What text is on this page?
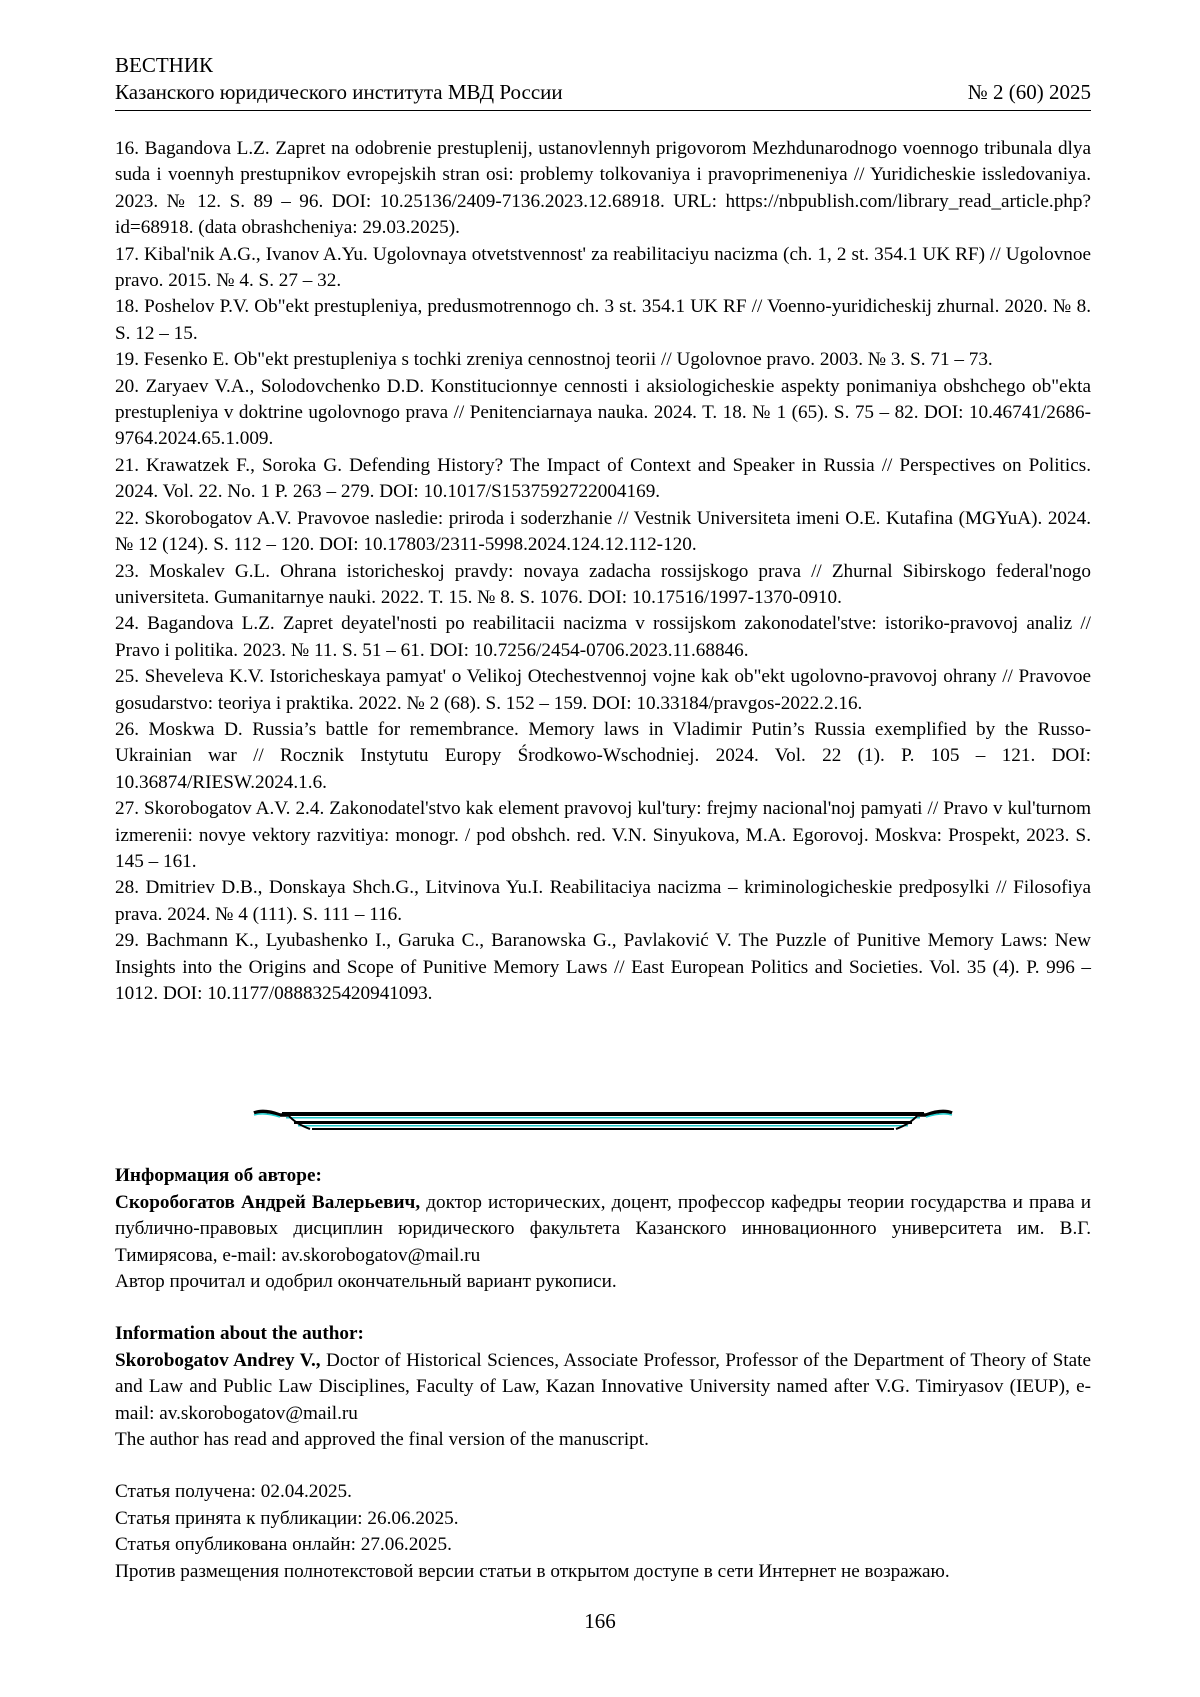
ВЕСТНИК
Казанского юридического института МВД России	№ 2 (60) 2025

16. Bagandova L.Z. Zapret na odobrenie prestuplenij, ustanovlennyh prigovorom Mezhdunarodnogo voennogo tribunala dlya suda i voennyh prestupnikov evropejskih stran osi: problemy tolkovaniya i pravoprimeneniya // Yuridicheskie issledovaniya. 2023. № 12. S. 89 – 96. DOI: 10.25136/2409-7136.2023.12.68918. URL: https://nbpublish.com/library_read_article.php?id=68918. (data obrashcheniya: 29.03.2025).

17. Kibal'nik A.G., Ivanov A.Yu. Ugolovnaya otvetstvennost' za reabilitaciyu nacizma (ch. 1, 2 st. 354.1 UK RF) // Ugolovnoe pravo. 2015. № 4. S. 27 – 32.

18. Poshelov P.V. Ob"ekt prestupleniya, predusmotrennogo ch. 3 st. 354.1 UK RF // Voenno-yuridicheskij zhurnal. 2020. № 8. S. 12 – 15.

19. Fesenko E. Ob"ekt prestupleniya s tochki zreniya cennostnoj teorii // Ugolovnoe pravo. 2003. № 3. S. 71 – 73.

20. Zaryaev V.A., Solodovchenko D.D. Konstitucionnye cennosti i aksiologicheskie aspekty ponimaniya obshchego ob"ekta prestupleniya v doktrine ugolovnogo prava // Penitenciarnaya nauka. 2024. T. 18. № 1 (65). S. 75 – 82. DOI: 10.46741/2686-9764.2024.65.1.009.

21. Krawatzek F., Soroka G. Defending History? The Impact of Context and Speaker in Russia // Perspectives on Politics. 2024. Vol. 22. No. 1 P. 263 – 279. DOI: 10.1017/S1537592722004169.

22. Skorobogatov A.V. Pravovoe nasledie: priroda i soderzhanie // Vestnik Universiteta imeni O.E. Kutafina (MGYuA). 2024. № 12 (124). S. 112 – 120. DOI: 10.17803/2311-5998.2024.124.12.112-120.

23. Moskalev G.L. Ohrana istoricheskoj pravdy: novaya zadacha rossijskogo prava // Zhurnal Sibirskogo federal'nogo universiteta. Gumanitarnye nauki. 2022. T. 15. № 8. S. 1076. DOI: 10.17516/1997-1370-0910.

24. Bagandova L.Z. Zapret deyatel'nosti po reabilitacii nacizma v rossijskom zakonodatel'stve: istoriko-pravovoj analiz // Pravo i politika. 2023. № 11. S. 51 – 61. DOI: 10.7256/2454-0706.2023.11.68846.

25. Sheveleva K.V. Istoricheskaya pamyat' o Velikoj Otechestvennoj vojne kak ob"ekt ugolovno-pravovoj ohrany // Pravovoe gosudarstvo: teoriya i praktika. 2022. № 2 (68). S. 152 – 159. DOI: 10.33184/pravgos-2022.2.16.

26. Moskwa D. Russia’s battle for remembrance. Memory laws in Vladimir Putin’s Russia exemplified by the Russo-Ukrainian war // Rocznik Instytutu Europy Środkowo-Wschodniej. 2024. Vol. 22 (1). P. 105 – 121. DOI: 10.36874/RIESW.2024.1.6.

27. Skorobogatov A.V. 2.4. Zakonodatel'stvo kak element pravovoj kul'tury: frejmy nacional'noj pamyati // Pravo v kul'turnom izmerenii: novye vektory razvitiya: monogr. / pod obshch. red. V.N. Sinyukova, M.A. Egorovoj. Moskva: Prospekt, 2023. S. 145 – 161.

28. Dmitriev D.B., Donskaya Shch.G., Litvinova Yu.I. Reabilitaciya nacizma – kriminologicheskie predposylki // Filosofiya prava. 2024. № 4 (111). S. 111 – 116.

29. Bachmann K., Lyubashenko I., Garuka C., Baranowska G., Pavlaković V. The Puzzle of Punitive Memory Laws: New Insights into the Origins and Scope of Punitive Memory Laws // East European Politics and Societies. Vol. 35 (4). P. 996 – 1012. DOI: 10.1177/0888325420941093.

Информация об авторе:

Скоробогатов Андрей Валерьевич, доктор исторических, доцент, профессор кафедры теории государства и права и публично-правовых дисциплин юридического факультета Казанского инновационного университета им. В.Г. Тимирясова, e-mail: av.skorobogatov@mail.ru

Автор прочитал и одобрил окончательный вариант рукописи.

Information about the author:

Skorobogatov Andrey V., Doctor of Historical Sciences, Associate Professor, Professor of the Department of Theory of State and Law and Public Law Disciplines, Faculty of Law, Kazan Innovative University named after V.G. Timiryasov (IEUP), e-mail: av.skorobogatov@mail.ru

The author has read and approved the final version of the manuscript.

Статья получена: 02.04.2025.

Статья принята к публикации: 26.06.2025.

Статья опубликована онлайн: 27.06.2025.

Против размещения полнотекстовой версии статьи в открытом доступе в сети Интернет не возражаю.

166
